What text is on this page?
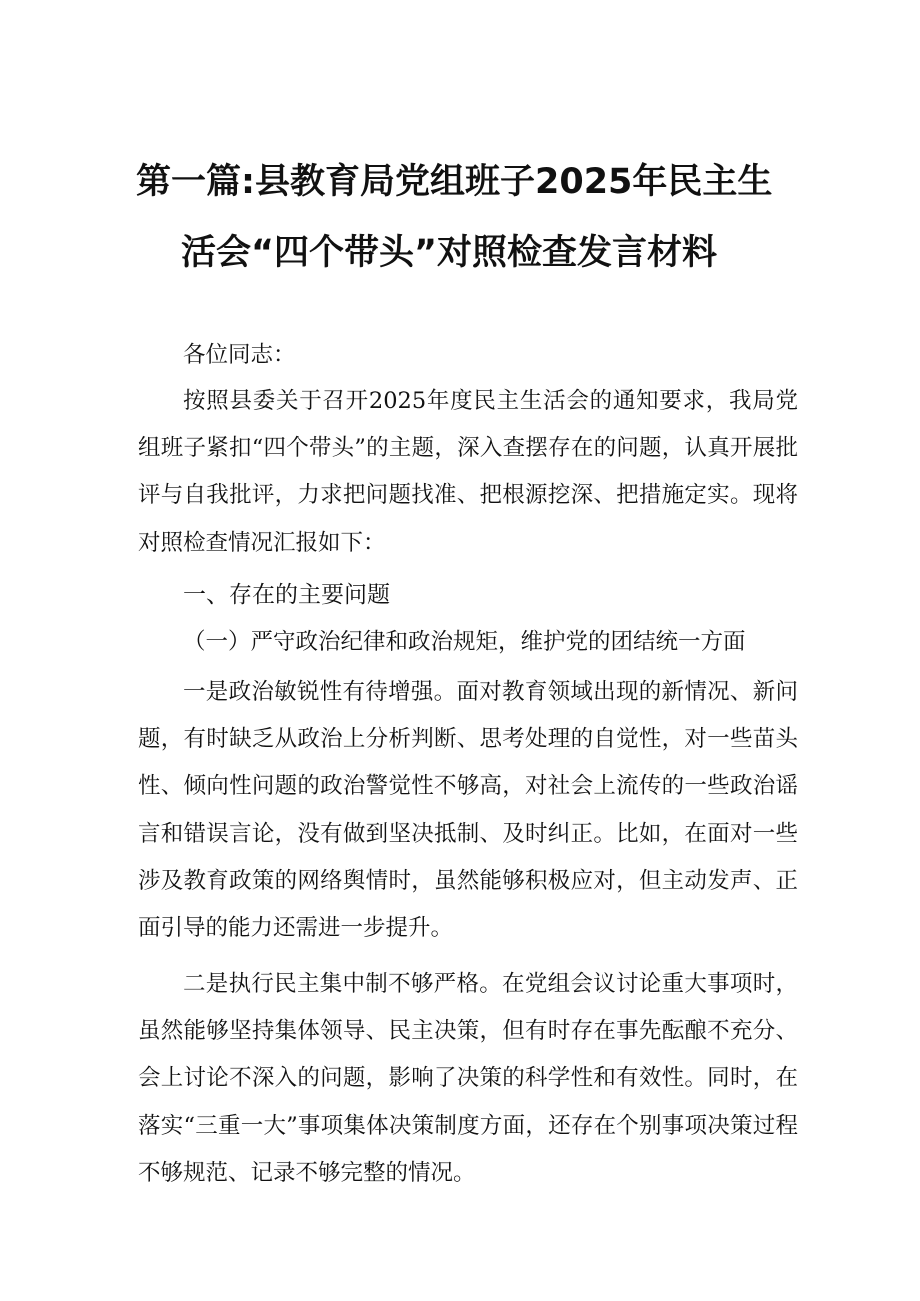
第一篇:县教育局党组班子2025年民主生
活会“四个带头”对照检查发言材料
各位同志：

按照县委关于召开2025年度民主生活会的通知要求，我局党组班子紧扣“四个带头”的主题，深入查摆存在的问题，认真开展批评与自我批评，力求把问题找准、把根源挖深、把措施定实。现将对照检查情况汇报如下：

一、存在的主要问题
（一）严守政治纪律和政治规矩，维护党的团结统一方面

一是政治敏锐性有待增强。面对教育领域出现的新情况、新问题，有时缺乏从政治上分析判断、思考处理的自觉性，对一些苗头性、倾向性问题的政治警觉性不够高，对社会上流传的一些政治谣言和错误言论，没有做到坚决抵制、及时纠正。比如，在面对一些涉及教育政策的网络舆情时，虽然能够积极应对，但主动发声、正面引导的能力还需进一步提升。

二是执行民主集中制不够严格。在党组会议讨论重大事项时，虽然能够坚持集体领导、民主决策，但有时存在事先酝酿不充分、会上讨论不深入的问题，影响了决策的科学性和有效性。同时，在落实“三重一大”事项集体决策制度方面，还存在个别事项决策过程不够规范、记录不够完整的情况。
